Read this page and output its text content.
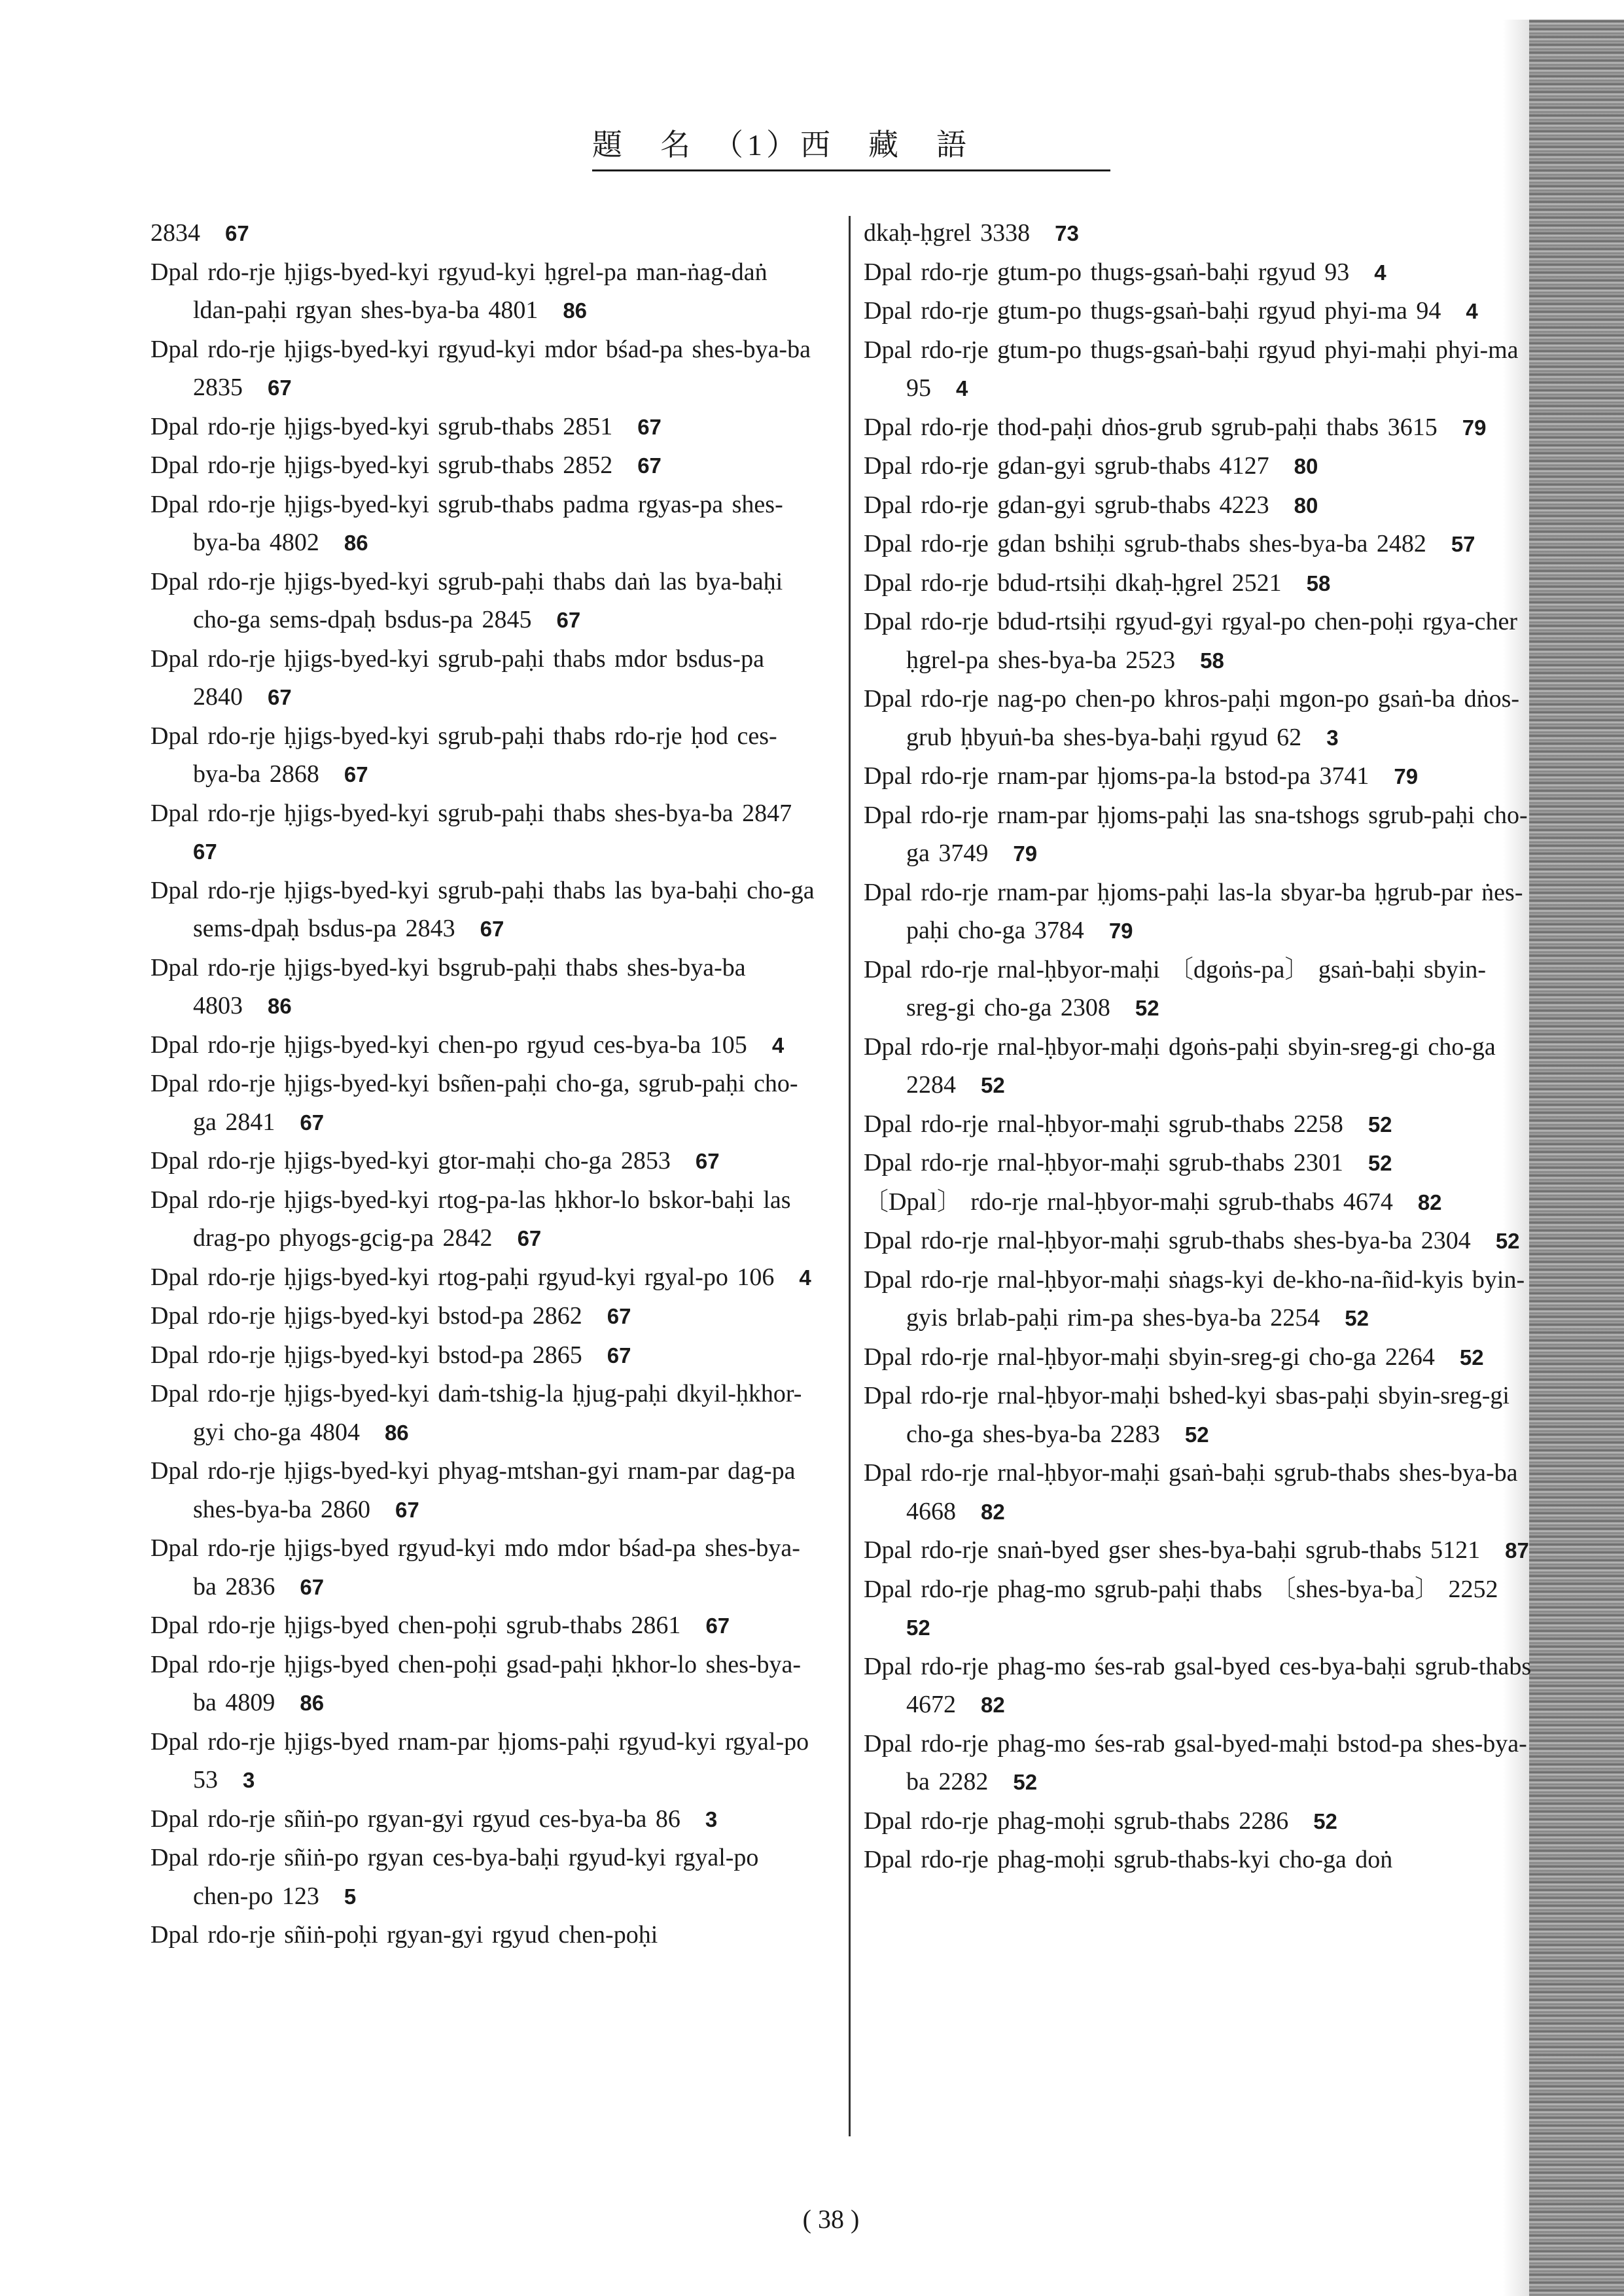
題　名　（1）西　藏　語
2834  67
Dpal rdo-rje ḥjigs-byed-kyi rgyud-kyi ḥgrel-pa man-ṅag-daṅ ldan-paḥi rgyan shes-bya-ba 4801  86
Dpal rdo-rje ḥjigs-byed-kyi rgyud-kyi mdor bśad-pa shes-bya-ba 2835  67
Dpal rdo-rje ḥjigs-byed-kyi sgrub-thabs 2851  67
Dpal rdo-rje ḥjigs-byed-kyi sgrub-thabs 2852  67
Dpal rdo-rje ḥjigs-byed-kyi sgrub-thabs padma rgyas-pa shes-bya-ba 4802  86
Dpal rdo-rje ḥjigs-byed-kyi sgrub-paḥi thabs daṅ las bya-baḥi cho-ga sems-dpaḥ bsdus-pa 2845  67
Dpal rdo-rje ḥjigs-byed-kyi sgrub-paḥi thabs mdor bsdus-pa 2840  67
Dpal rdo-rje ḥjigs-byed-kyi sgrub-paḥi thabs rdo-rje ḥod ces-bya-ba 2868  67
Dpal rdo-rje ḥjigs-byed-kyi sgrub-paḥi thabs shes-bya-ba 2847 67
Dpal rdo-rje ḥjigs-byed-kyi sgrub-paḥi thabs las bya-baḥi cho-ga sems-dpaḥ bsdus-pa 2843  67
Dpal rdo-rje ḥjigs-byed-kyi bsgrub-paḥi thabs shes-bya-ba 4803  86
Dpal rdo-rje ḥjigs-byed-kyi chen-po rgyud ces-bya-ba 105  4
Dpal rdo-rje ḥjigs-byed-kyi bsñen-paḥi cho-ga, sgrub-paḥi cho-ga 2841  67
Dpal rdo-rje ḥjigs-byed-kyi gtor-maḥi cho-ga 2853  67
Dpal rdo-rje ḥjigs-byed-kyi rtog-pa-las ḥkhor-lo bskor-baḥi las drag-po phyogs-gcig-pa 2842  67
Dpal rdo-rje ḥjigs-byed-kyi rtog-paḥi rgyud-kyi rgyal-po 106  4
Dpal rdo-rje ḥjigs-byed-kyi bstod-pa 2862  67
Dpal rdo-rje ḥjigs-byed-kyi bstod-pa 2865  67
Dpal rdo-rje ḥjigs-byed-kyi daṁ-tshig-la ḥjug-paḥi dkyil-ḥkhor-gyi cho-ga 4804  86
Dpal rdo-rje ḥjigs-byed-kyi phyag-mtshan-gyi rnam-par dag-pa shes-bya-ba 2860  67
Dpal rdo-rje ḥjigs-byed rgyud-kyi mdo mdor bśad-pa shes-bya-ba 2836  67
Dpal rdo-rje ḥjigs-byed chen-poḥi sgrub-thabs 2861  67
Dpal rdo-rje ḥjigs-byed chen-poḥi gsad-paḥi ḥkhor-lo shes-bya-ba 4809  86
Dpal rdo-rje ḥjigs-byed rnam-par ḥjoms-paḥi rgyud-kyi rgyal-po 53  3
Dpal rdo-rje sñiṅ-po rgyan-gyi rgyud ces-bya-ba 86  3
Dpal rdo-rje sñiṅ-po rgyan ces-bya-baḥi rgyud-kyi rgyal-po chen-po 123  5
Dpal rdo-rje sñiṅ-poḥi rgyan-gyi rgyud chen-poḥi
dkaḥ-ḥgrel 3338  73
Dpal rdo-rje gtum-po thugs-gsaṅ-baḥi rgyud 93  4
Dpal rdo-rje gtum-po thugs-gsaṅ-baḥi rgyud phyi-ma 94  4
Dpal rdo-rje gtum-po thugs-gsaṅ-baḥi rgyud phyi-maḥi phyi-ma 95  4
Dpal rdo-rje thod-paḥi dṅos-grub sgrub-paḥi thabs 3615  79
Dpal rdo-rje gdan-gyi sgrub-thabs 4127  80
Dpal rdo-rje gdan-gyi sgrub-thabs 4223  80
Dpal rdo-rje gdan bshiḥi sgrub-thabs shes-bya-ba 2482  57
Dpal rdo-rje bdud-rtsiḥi dkaḥ-ḥgrel 2521  58
Dpal rdo-rje bdud-rtsiḥi rgyud-gyi rgyal-po chen-poḥi rgya-cher ḥgrel-pa shes-bya-ba 2523  58
Dpal rdo-rje nag-po chen-po khros-paḥi mgon-po gsaṅ-ba dṅos-grub ḥbyuṅ-ba shes-bya-baḥi rgyud 62  3
Dpal rdo-rje rnam-par ḥjoms-pa-la bstod-pa 3741  79
Dpal rdo-rje rnam-par ḥjoms-paḥi las sna-tshogs sgrub-paḥi cho-ga 3749  79
Dpal rdo-rje rnam-par ḥjoms-paḥi las-la sbyar-ba ḥgrub-par ṅes-paḥi cho-ga 3784  79
Dpal rdo-rje rnal-ḥbyor-maḥi 〔dgoṅs-pa〕 gsaṅ-baḥi sbyin-sreg-gi cho-ga 2308  52
Dpal rdo-rje rnal-ḥbyor-maḥi dgoṅs-paḥi sbyin-sreg-gi cho-ga 2284  52
Dpal rdo-rje rnal-ḥbyor-maḥi sgrub-thabs 2258  52
Dpal rdo-rje rnal-ḥbyor-maḥi sgrub-thabs 2301  52
〔Dpal〕 rdo-rje rnal-ḥbyor-maḥi sgrub-thabs 4674  82
Dpal rdo-rje rnal-ḥbyor-maḥi sgrub-thabs shes-bya-ba 2304  52
Dpal rdo-rje rnal-ḥbyor-maḥi sṅags-kyi de-kho-na-ñid-kyis byin-gyis brlab-paḥi rim-pa shes-bya-ba 2254  52
Dpal rdo-rje rnal-ḥbyor-maḥi sbyin-sreg-gi cho-ga 2264  52
Dpal rdo-rje rnal-ḥbyor-maḥi bshed-kyi sbas-paḥi sbyin-sreg-gi cho-ga shes-bya-ba 2283  52
Dpal rdo-rje rnal-ḥbyor-maḥi gsaṅ-baḥi sgrub-thabs shes-bya-ba 4668  82
Dpal rdo-rje snaṅ-byed gser shes-bya-baḥi sgrub-thabs 5121  87
Dpal rdo-rje phag-mo sgrub-paḥi thabs 〔shes-bya-ba〕 2252 52
Dpal rdo-rje phag-mo śes-rab gsal-byed ces-bya-baḥi sgrub-thabs 4672  82
Dpal rdo-rje phag-mo śes-rab gsal-byed-maḥi bstod-pa shes-bya-ba 2282  52
Dpal rdo-rje phag-moḥi sgrub-thabs 2286  52
Dpal rdo-rje phag-moḥi sgrub-thabs-kyi cho-ga doṅ
( 38 )
